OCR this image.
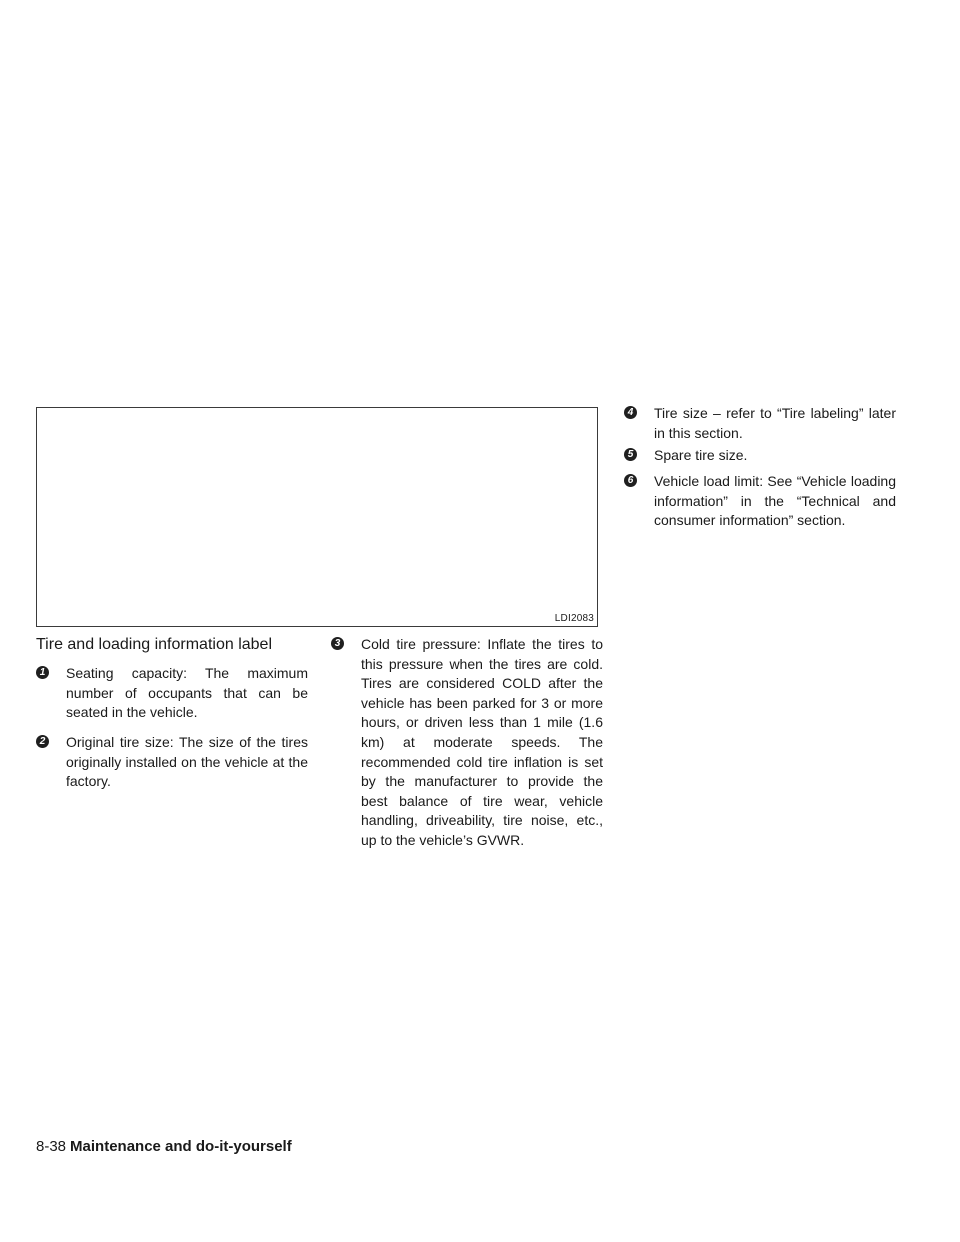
LDI2083
Tire and loading information label
1	Seating capacity: The maximum number of occupants that can be seated in the vehicle.

2	Original tire size: The size of the tires originally installed on the vehicle at the factory.

3	Cold tire pressure: Inflate the tires to this pressure when the tires are cold. Tires are considered COLD after the vehicle has been parked for 3 or more hours, or driven less than 1 mile (1.6 km) at moderate speeds. The recommended cold tire inflation is set by the manufacturer to provide the best balance of tire wear, vehicle handling, driveability, tire noise, etc., up to the vehicle’s GVWR.

4	Tire size – refer to “Tire labeling” later in this section.

5	Spare tire size.

6	Vehicle load limit: See “Vehicle loading information” in the “Technical and consumer information” section.

8-38 Maintenance and do-it-yourself
